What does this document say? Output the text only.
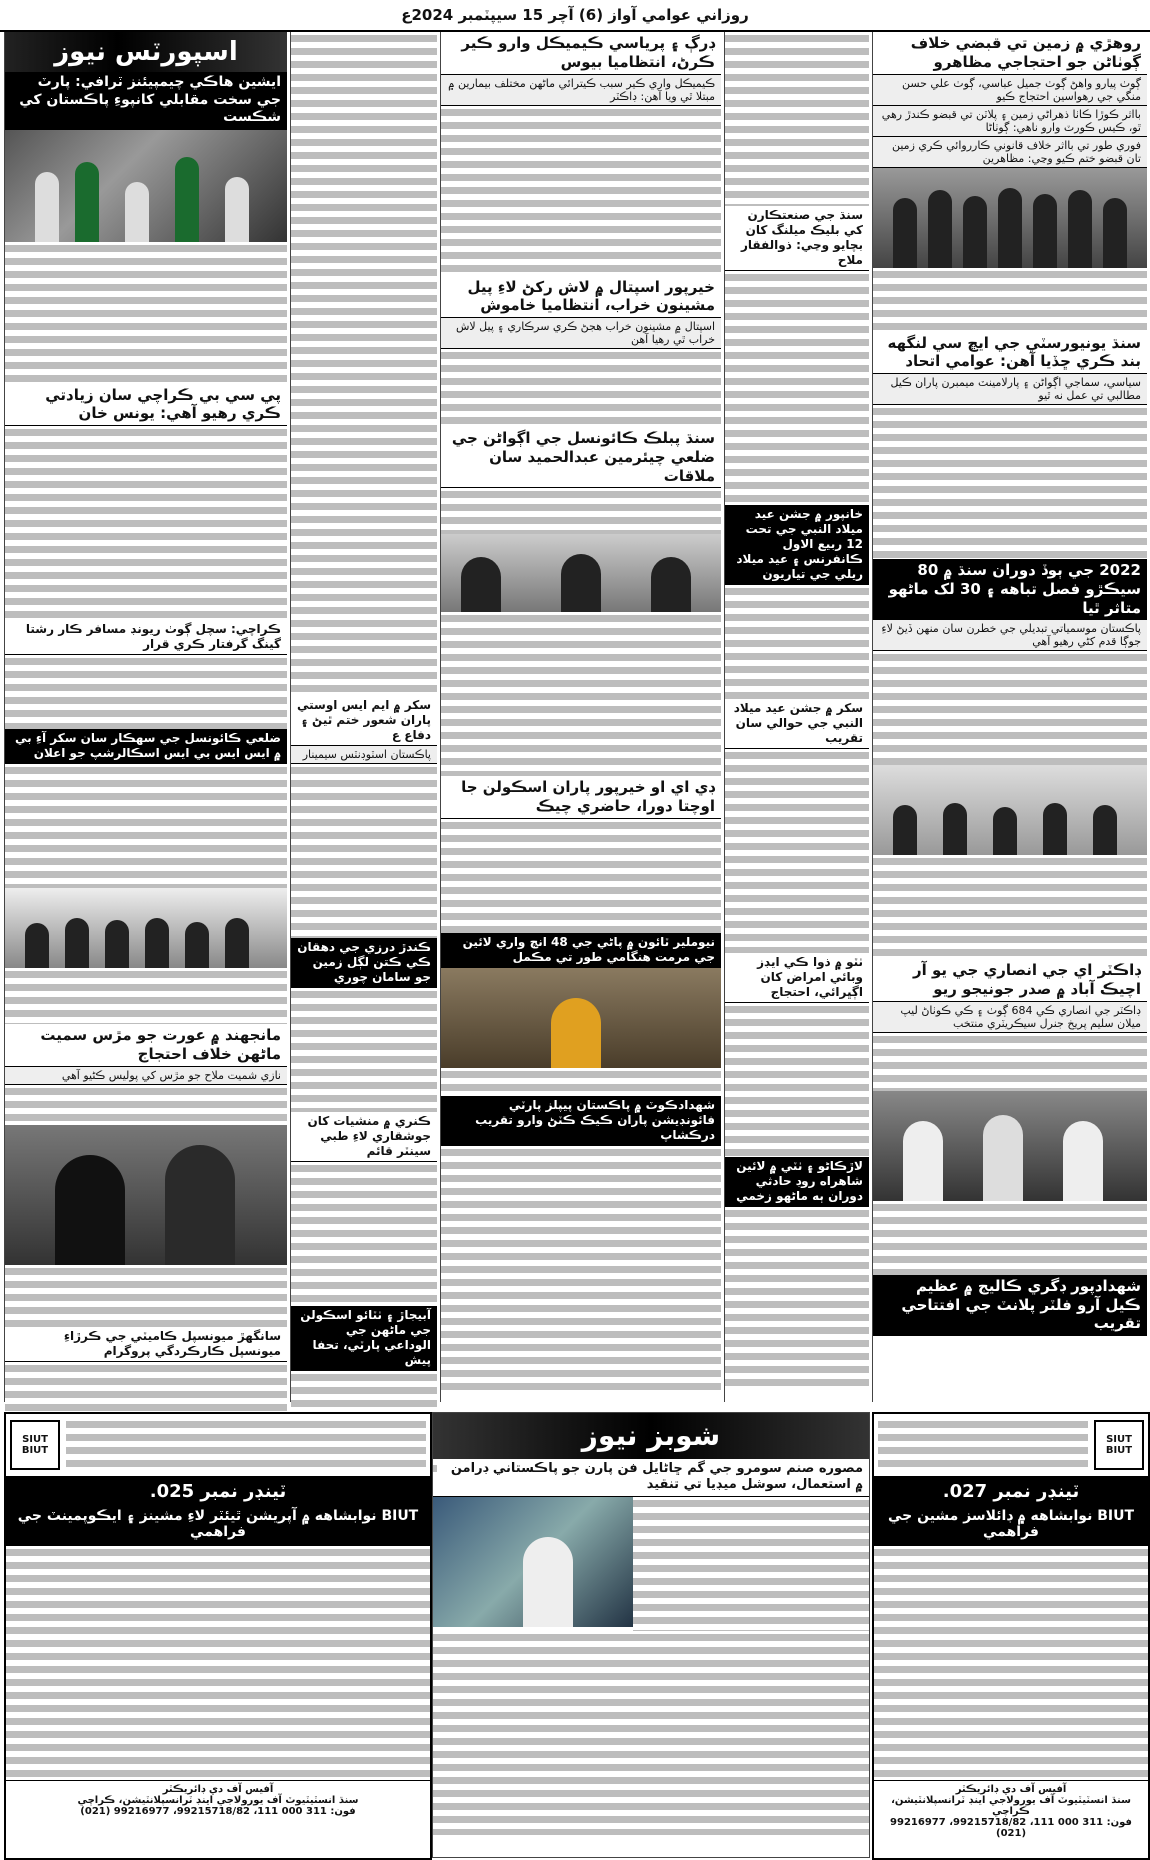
روزاني عوامي آواز (6) آچر 15 سيپٽمبر 2024ع
اسپورٽس نيوز
ايشين هاڪي چيمپيئنز ٽرافي: پارٽ جي سخت مقابلي کانپوءِ پاڪستان کي شڪست
پي سي بي ڪراچي سان زيادتي ڪري رهيو آهي: يونس خان
ڪراچي: سچل ڳوٺ ريونڊ مسافر ڪار رشتا گينگ گرفتار ڪري قرار
ضلعي ڪائونسل جي سهڪار سان سکر آءِ بي ۾ ايس ايس بي ايس اسڪالرشپ جو اعلان
مانجهند ۾ عورت جو مڙس سميت ماڻهن خلاف احتجاج
نازي شميت ملاح جو مڙس کي پوليس ڪڻيو آهي
سانگهڙ ميونسپل ڪاميٽي جي ڪرڙاءِ ميونسپل ڪارڪردگي پروگرام
سکر ۾ ايم ايس اوستي پاران شعور ختم ٿيڻ ۽ دفاع ع
پاڪستان اسٽوڊنٽس سيمينار
ڪندڙ درزي جي دهقان ڪي ڪتن لڳل زمين جو سامان چوري
ڪنري ۾ منشيات کان جوشقاري لاءِ طبي سينٽر قائم
آبيجاڙ ۽ ٺٽائو اسڪولن جي ماڻهن جي الوداعي پارٽي، تحفا پيش
ڊرڳ ۽ پرياسي ڪيميڪل وارو ڪير ڪرڻ، انتظاميا بيوس
ڪيميڪل واري ڪير سبب ڪيترائي ماڻهن مختلف بيمارين ۾ مبتلا ٿي ويا آهن: ڊاڪٽر
خيرپور اسپتال ۾ لاش رکڻ لاءِ پيل مشينون خراب، انتظاميا خاموش
اسپتال ۾ مشينون خراب هجڻ ڪري سرڪاري ۽ پيل لاش خراب ٿي رهيا آهن
سنڌ پبلڪ ڪائونسل جي اڳواڻن جي ضلعي چيئرمين عبدالحميد سان ملاقات
ڊي اي او خيرپور پاران اسڪولن جا اوچتا دورا، حاضري چيڪ
نيوملير ٽائون ۾ پاڻي جي 48 انچ واري لائين جي مرمت هنگامي طور تي مڪمل
شهدادڪوٽ ۾ پاڪستان پيپلز پارٽي فائونڊيشن پاران ڪيڪ ڪٽڻ وارو تقريب درڪشاپ
سنڌ جي صنعتڪارن کي بليڪ ميلنگ کان بچايو وڃي: ذوالفقار ملاح
خانپور ۾ جشن عيد ميلاد النبي جي تحت 12 ربيع الاول ڪانفرنس ۽ عيد ميلاد ريلي جي تياريون
سکر ۾ جشن عيد ميلاد النبي جي حوالي سان تقريب
ٺٽو ۾ ذوا ڪي ايڊز وبائي امراض کان اڳڀرائي، احتجاج
لاڙڪاڻو ۽ ٺٽي ۾ لائين شاهراه روڊ حادثي دوران ٻه ماڻهو زخمي
روهڙي ۾ زمين تي قبضي خلاف ڳوٺاڻن جو احتجاجي مظاهرو
ڳوٺ پيارو واهڻ ڳوٺ جميل عباسي، ڳوٺ علي حسن منگي جي رهواسين احتجاج ڪيو
بااثر ڪوڙا ڪاٺا ذهراڻي زمين ۽ پلاٽن تي قبضو ڪندڙ رهي ٿو، ڪيس ڪورٽ وارو ناهي: ڳوٺاڻا
فوري طور تي بااثر خلاف قانوني ڪارروائي ڪري زمين تان قبضو ختم ڪيو وڃي: مظاهرين
سنڌ يونيورسٽي جي ايڇ سي لنگهه بند ڪري ڇڏيا آهن: عوامي اتحاد
سياسي، سماجي اڳواڻن ۽ پارلامينٽ ميمبرن پاران ڪيل مطالبي تي عمل نه ٿيو
2022 جي ٻوڏ دوران سنڌ ۾ 80 سيڪڙو فصل تباهه ۽ 30 لک ماڻهو متاثر ٿيا
پاڪستان موسمياتي تبديلي جي خطرن سان منهن ڏيڻ لاءِ جوڳا قدم کڻي رهيو آهي
ڊاڪٽر اي جي انصاري جي يو آر اچيڪ آباد ۾ صدر جونيجو ريو
ڊاڪٽر جي انصاري ڪي 684 ڳوٺ ۽ ڪي ڪوٺاڻ ليپ ميلان سليم پريخ جنرل سيڪريٽري منتخب
شهدادپور ڊگري ڪاليج ۾ عظيم ڪيل آرو فلٽر پلانٽ جي افتتاحي تقريب
SIUT
BIUT
ٽينڊر نمبر 025.
BIUT نوابشاهه ۾ آپريشن ٿيئٽر لاءِ مشينز ۽ ايڪوپمينٽ جي فراهمي
آفيس آف دي ڊائريڪٽر
سنڌ انسٽيٽيوٽ آف يورولاجي اينڊ ٽرانسپلانٽيشن، ڪراچي
فون: 311 000 111، 99215718/82، 99216977 (021)
شوبز نيوز
مصوره صنم سومرو جي گم ڇاڻايل فن پارن جو پاڪستاني ڊرامن ۾ استعمال، سوشل ميڊيا تي تنقيد
SIUT
BIUT
ٽينڊر نمبر 027.
BIUT نوابشاهه ۾ ڊائلاسز مشين جي فراهمي
آفيس آف دي ڊائريڪٽر
سنڌ انسٽيٽيوٽ آف يورولاجي اينڊ ٽرانسپلانٽيشن، ڪراچي
فون: 311 000 111، 99215718/82، 99216977 (021)
